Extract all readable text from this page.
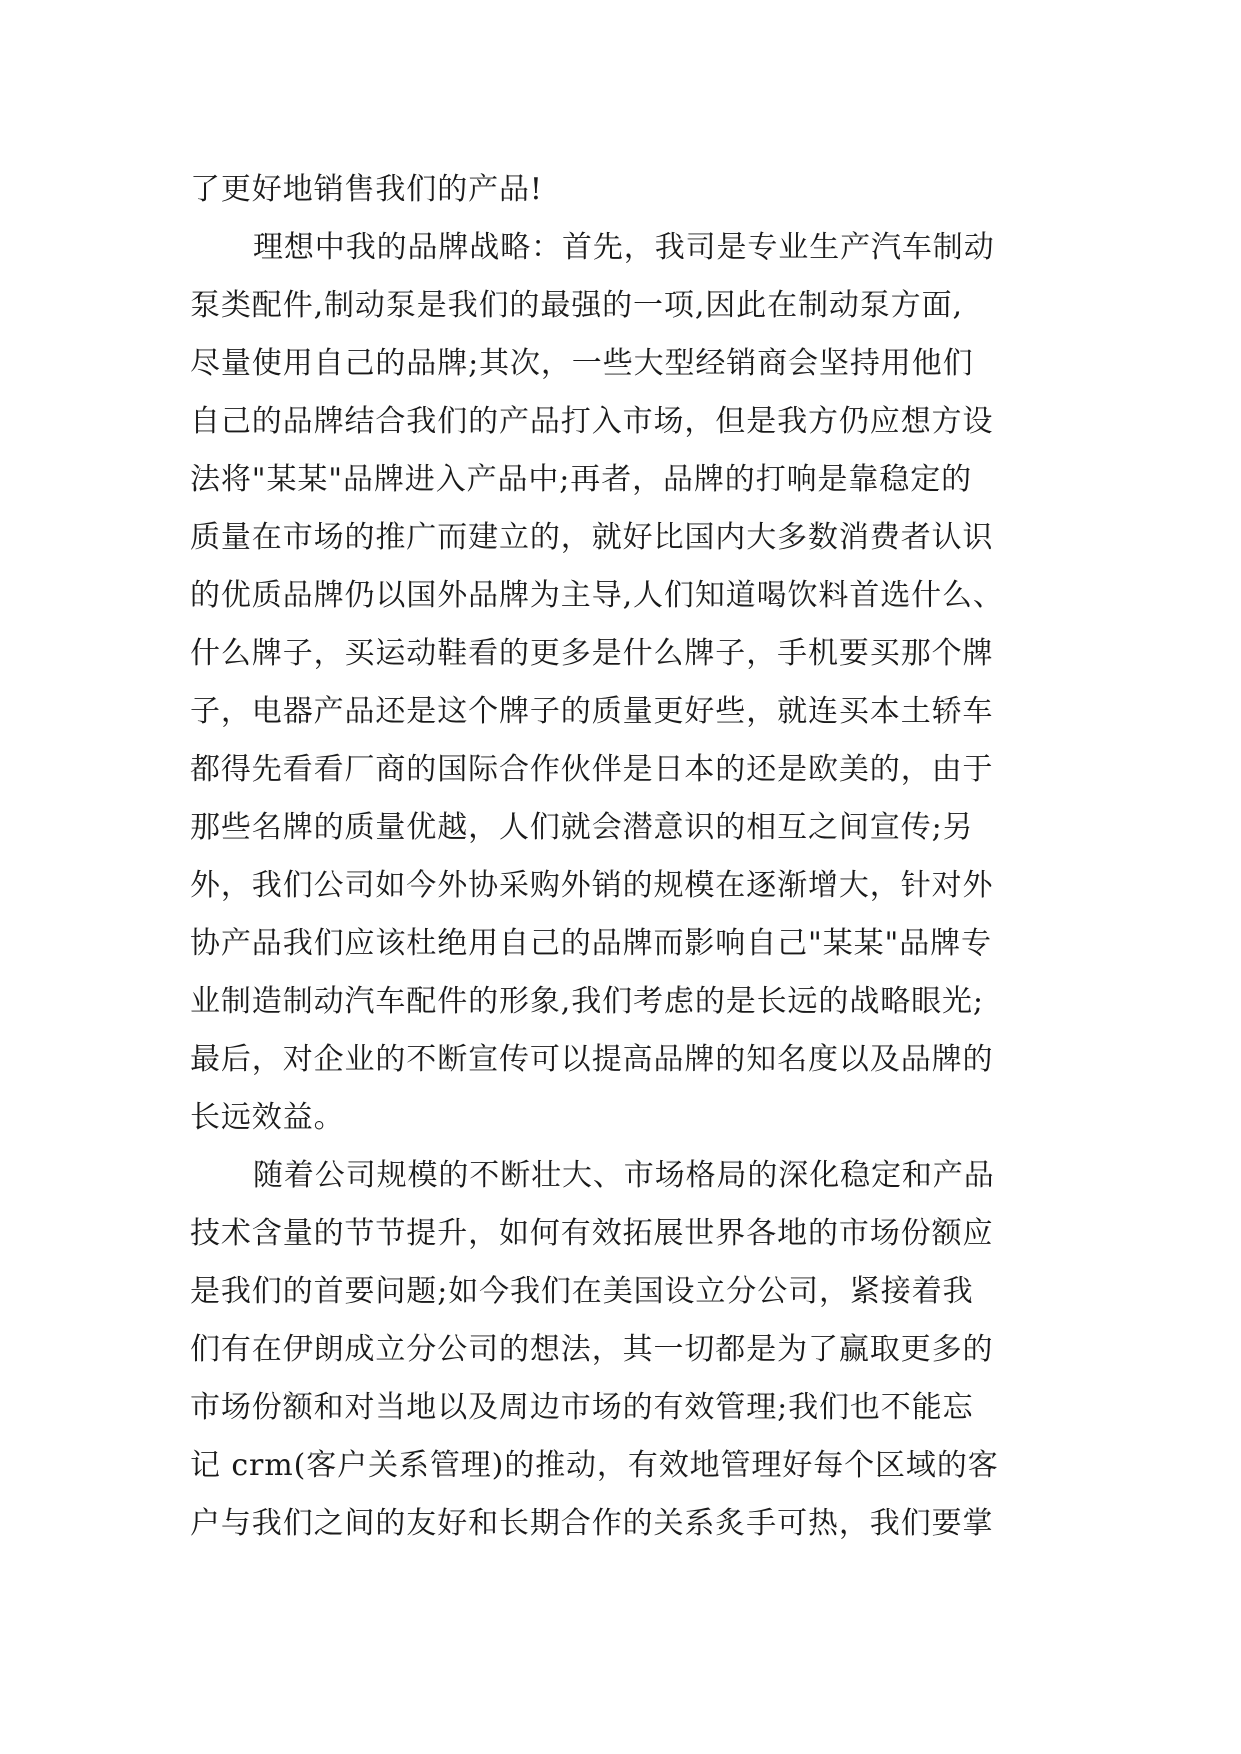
了更好地销售我们的产品!
理想中我的品牌战略：首先，我司是专业生产汽车制动
泵类配件,制动泵是我们的最强的一项,因此在制动泵方面,
尽量使用自己的品牌;其次，一些大型经销商会坚持用他们
自己的品牌结合我们的产品打入市场，但是我方仍应想方设
法将"某某"品牌进入产品中;再者，品牌的打响是靠稳定的
质量在市场的推广而建立的，就好比国内大多数消费者认识
的优质品牌仍以国外品牌为主导,人们知道喝饮料首选什么、
什么牌子，买运动鞋看的更多是什么牌子，手机要买那个牌
子，电器产品还是这个牌子的质量更好些，就连买本土轿车
都得先看看厂商的国际合作伙伴是日本的还是欧美的，由于
那些名牌的质量优越，人们就会潜意识的相互之间宣传;另
外，我们公司如今外协采购外销的规模在逐渐增大，针对外
协产品我们应该杜绝用自己的品牌而影响自己"某某"品牌专
业制造制动汽车配件的形象,我们考虑的是长远的战略眼光;
最后，对企业的不断宣传可以提高品牌的知名度以及品牌的
长远效益。
随着公司规模的不断壮大、市场格局的深化稳定和产品
技术含量的节节提升，如何有效拓展世界各地的市场份额应
是我们的首要问题;如今我们在美国设立分公司，紧接着我
们有在伊朗成立分公司的想法，其一切都是为了赢取更多的
市场份额和对当地以及周边市场的有效管理;我们也不能忘
记 crm(客户关系管理)的推动，有效地管理好每个区域的客
户与我们之间的友好和长期合作的关系炙手可热，我们要掌
